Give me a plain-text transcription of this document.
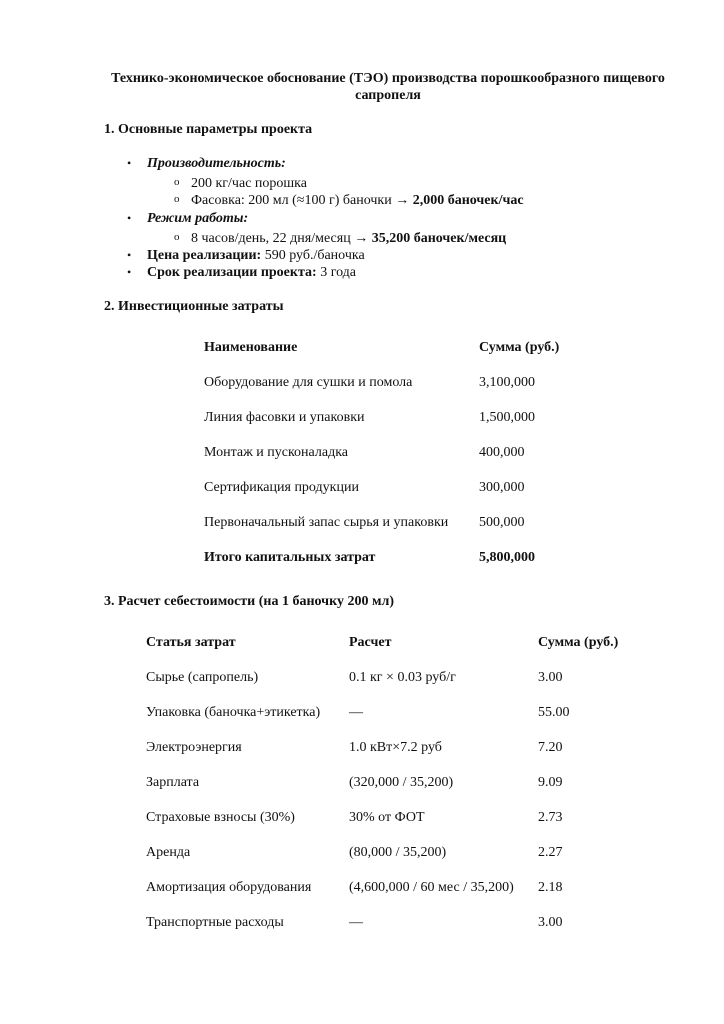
Технико-экономическое обоснование (ТЭО) производства порошкообразного пищевого сапропеля
1. Основные параметры проекта
• Производительность:
o 200 кг/час порошка
o Фасовка: 200 мл (≈100 г) баночки → 2,000 баночек/час
• Режим работы:
o 8 часов/день, 22 дня/месяц → 35,200 баночек/месяц
• Цена реализации: 590 руб./баночка
• Срок реализации проекта: 3 года
2. Инвестиционные затраты
Наименование	Сумма (руб.)
Оборудование для сушки и помола	3,100,000
Линия фасовки и упаковки	1,500,000
Монтаж и пусконаладка	400,000
Сертификация продукции	300,000
Первоначальный запас сырья и упаковки	500,000
Итого капитальных затрат	5,800,000
3. Расчет себестоимости (на 1 баночку 200 мл)
Статья затрат	Расчет	Сумма (руб.)
Сырье (сапропель)	0.1 кг × 0.03 руб/г	3.00
Упаковка (баночка+этикетка)	—	55.00
Электроэнергия	1.0 кВт×7.2 руб	7.20
Зарплата	(320,000 / 35,200)	9.09
Страховые взносы (30%)	30% от ФОТ	2.73
Аренда	(80,000 / 35,200)	2.27
Амортизация оборудования	(4,600,000 / 60 мес / 35,200)	2.18
Транспортные расходы	—	3.00
